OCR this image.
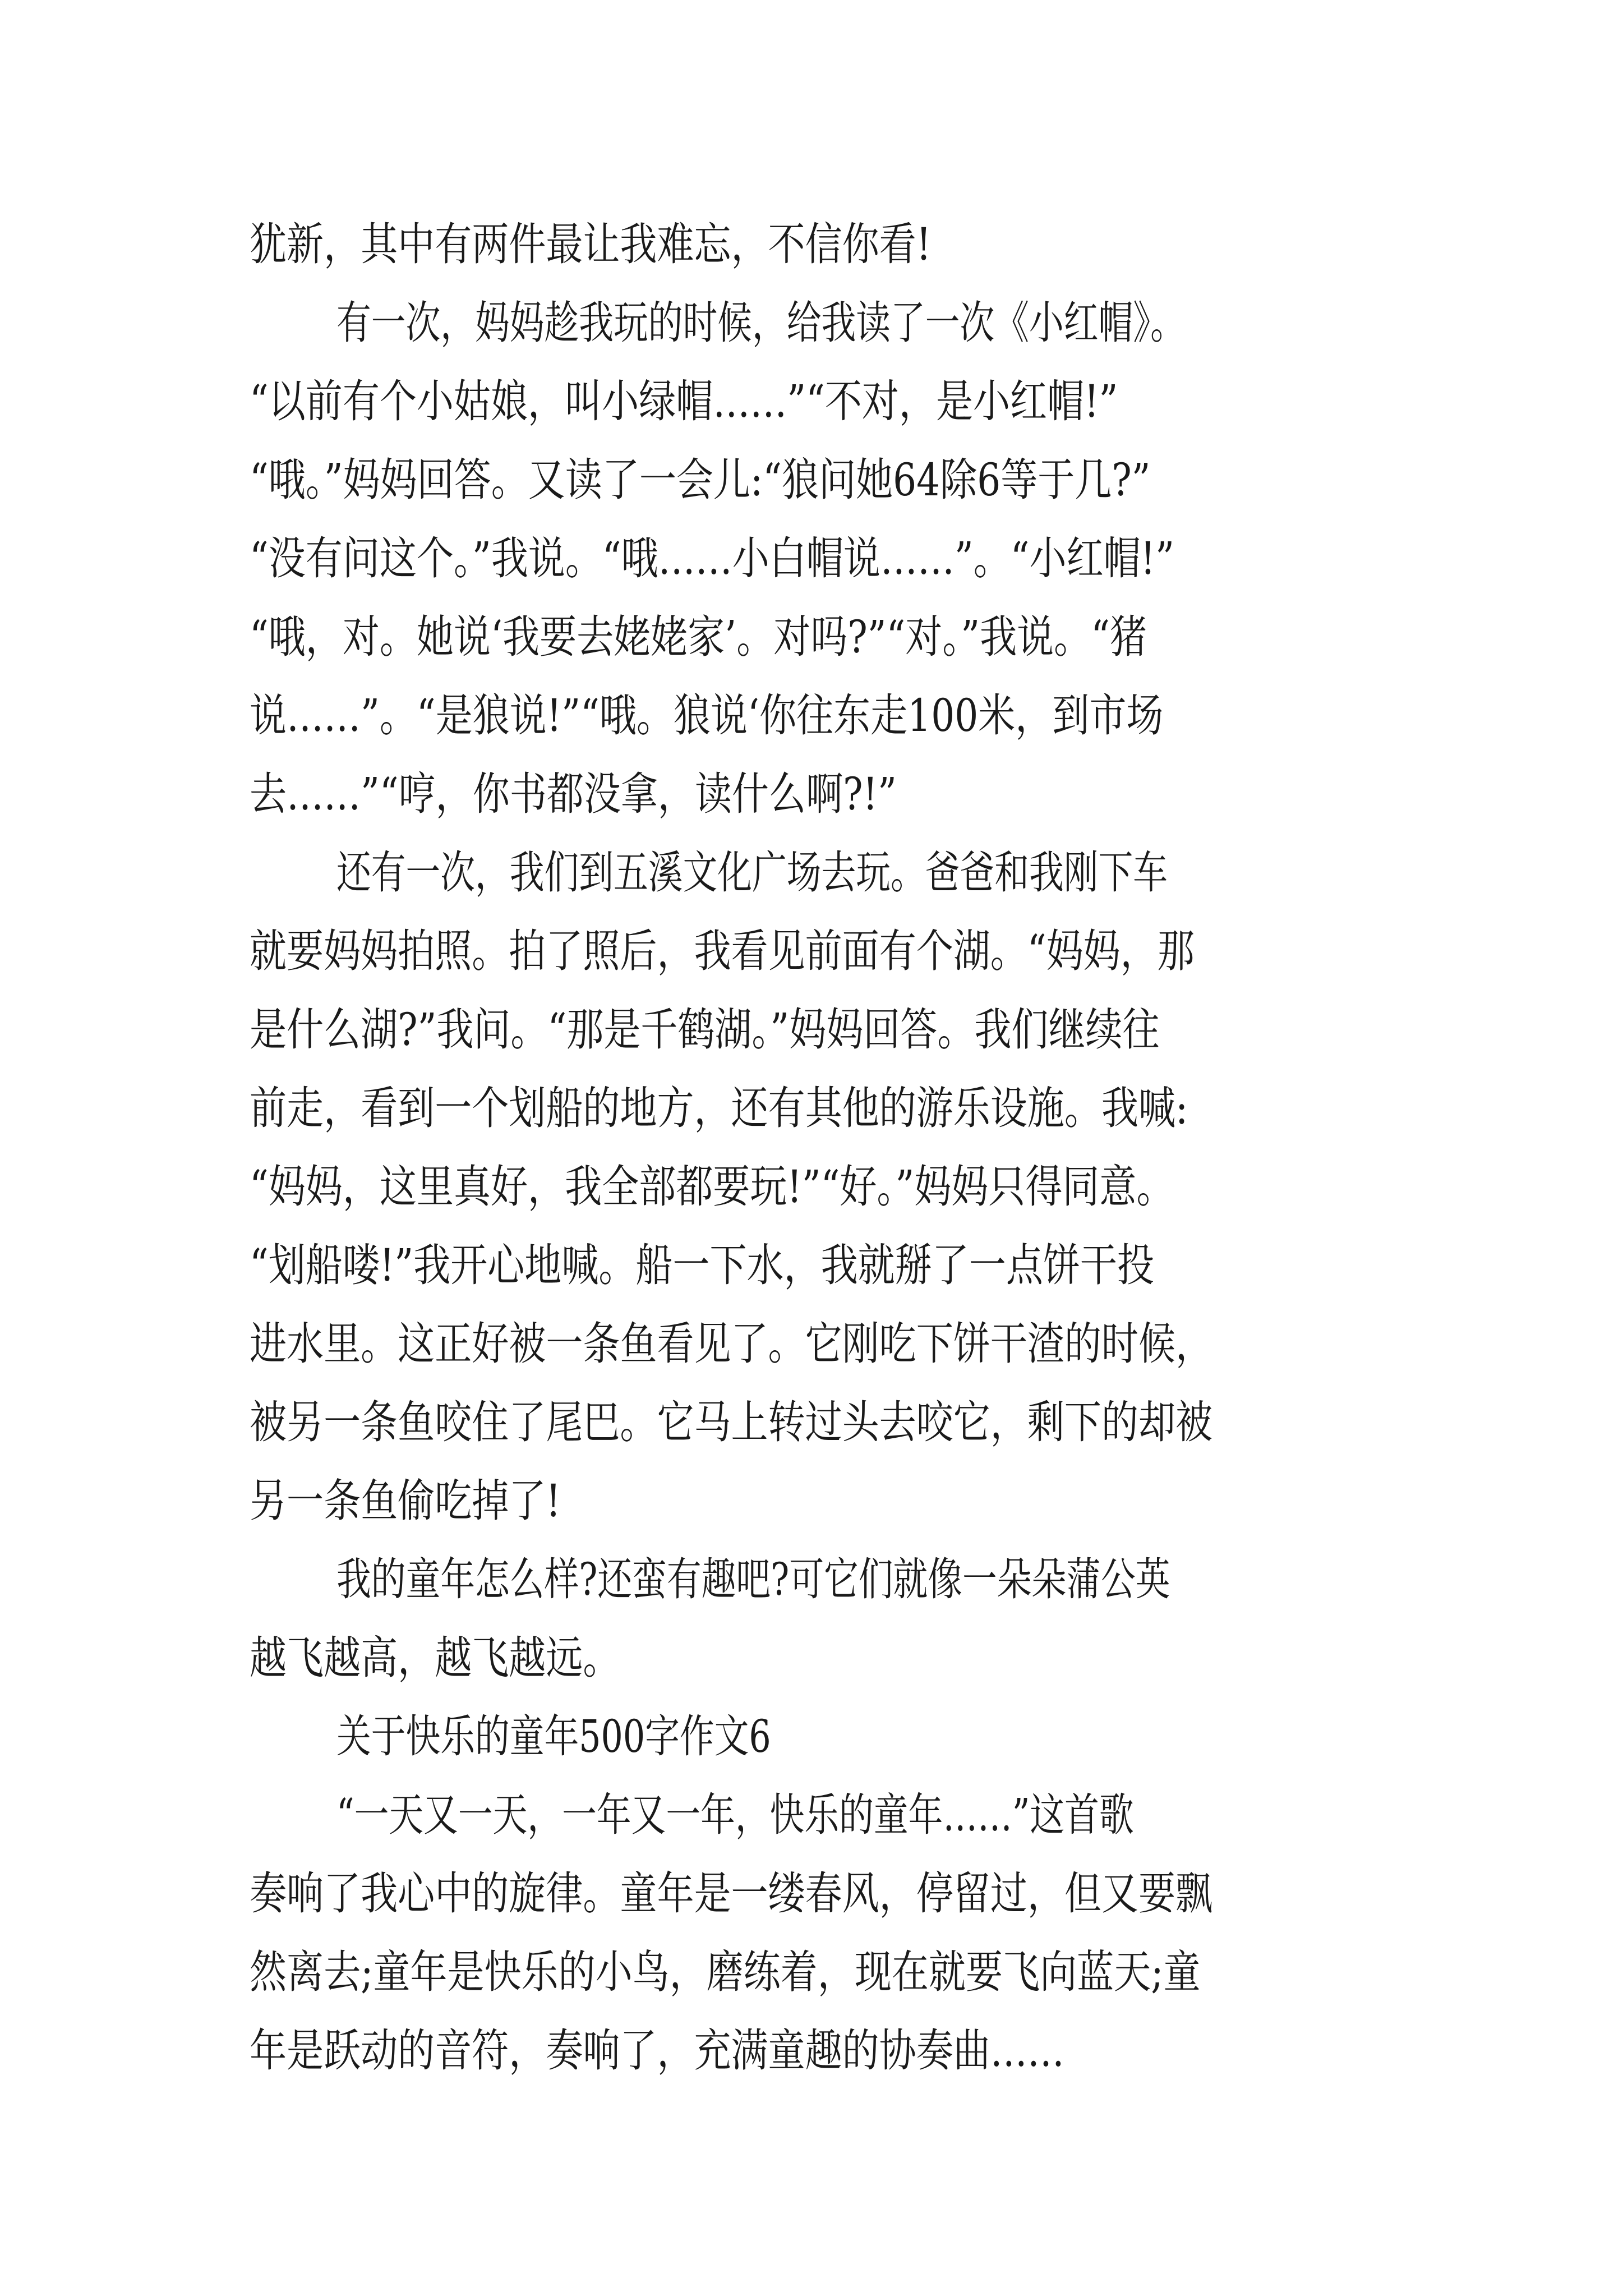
犹新，其中有两件最让我难忘，不信你看!
有一次，妈妈趁我玩的时候，给我读了一次《小红帽》。
“以前有个小姑娘，叫小绿帽……”“不对，是小红帽!”
“哦。”妈妈回答。又读了一会儿:“狼问她64除6等于几?”
“没有问这个。”我说。“哦……小白帽说……”。“小红帽!”
“哦，对。她说‘我要去姥姥家’。对吗?”“对。”我说。“猪
说……”。“是狼说!”“哦。狼说‘你往东走100米，到市场
去……”“哼，你书都没拿，读什么啊?!”
还有一次，我们到五溪文化广场去玩。爸爸和我刚下车
就要妈妈拍照。拍了照后，我看见前面有个湖。“妈妈，那
是什么湖?”我问。“那是千鹤湖。”妈妈回答。我们继续往
前走，看到一个划船的地方，还有其他的游乐设施。我喊:
“妈妈，这里真好，我全部都要玩!”“好。”妈妈只得同意。
“划船喽!”我开心地喊。船一下水，我就掰了一点饼干投
进水里。这正好被一条鱼看见了。它刚吃下饼干渣的时候，
被另一条鱼咬住了尾巴。它马上转过头去咬它，剩下的却被
另一条鱼偷吃掉了!
我的童年怎么样?还蛮有趣吧?可它们就像一朵朵蒲公英
越飞越高，越飞越远。
关于快乐的童年500字作文6
“一天又一天，一年又一年，快乐的童年……”这首歌
奏响了我心中的旋律。童年是一缕春风，停留过，但又要飘
然离去;童年是快乐的小鸟，磨练着，现在就要飞向蓝天;童
年是跃动的音符，奏响了，充满童趣的协奏曲……
